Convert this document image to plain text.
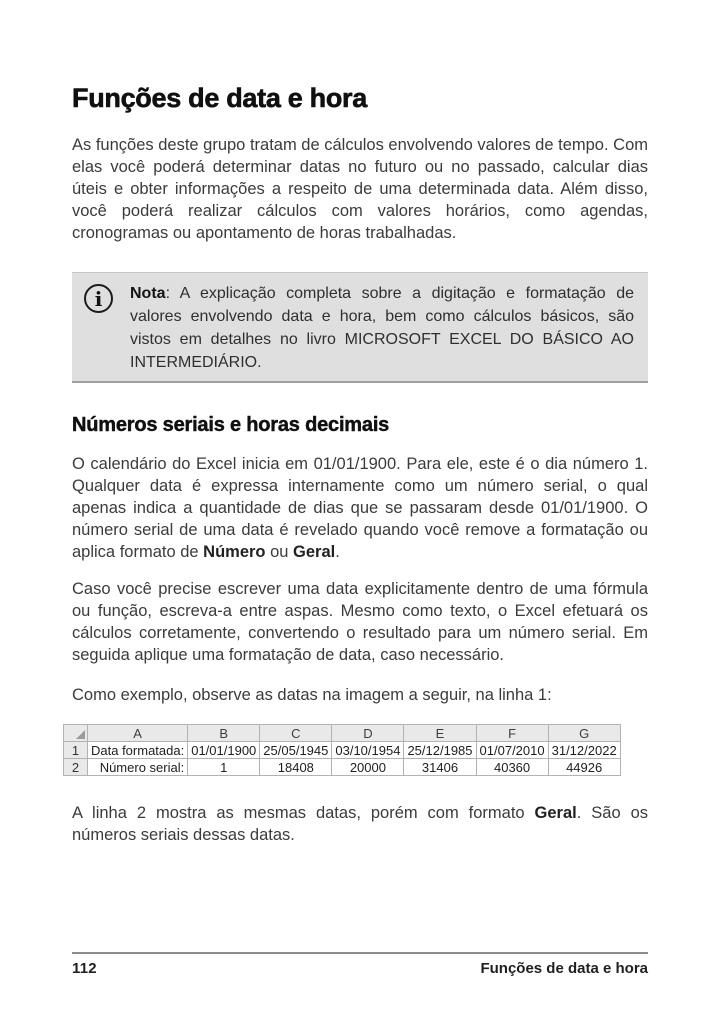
Funções de data e hora

As funções deste grupo tratam de cálculos envolvendo valores de tempo. Com elas você poderá determinar datas no futuro ou no passado, calcular dias úteis e obter informações a respeito de uma determinada data. Além disso, você poderá realizar cálculos com valores horários, como agendas, cronogramas ou apontamento de horas trabalhadas.

i	Nota: A explicação completa sobre a digitação e formatação de valores envolvendo data e hora, bem como cálculos básicos, são vistos em detalhes no livro MICROSOFT EXCEL DO BÁSICO AO INTERMEDIÁRIO.
Números seriais e horas decimais

O calendário do Excel inicia em 01/01/1900. Para ele, este é o dia número 1. Qualquer data é expressa internamente como um número serial, o qual apenas indica a quantidade de dias que se passaram desde 01/01/1900. O número serial de uma data é revelado quando você remove a formatação ou aplica formato de Número ou Geral.

Caso você precise escrever uma data explicitamente dentro de uma fórmula ou função, escreva-a entre aspas. Mesmo como texto, o Excel efetuará os cálculos corretamente, convertendo o resultado para um número serial. Em seguida aplique uma formatação de data, caso necessário.

Como exemplo, observe as datas na imagem a seguir, na linha 1:

	A	B	C	D	E	F	G
1	Data formatada:	01/01/1900	25/05/1945	03/10/1954	25/12/1985	01/07/2010	31/12/2022
2	Número serial:	1	18408	20000	31406	40360	44926

A linha 2 mostra as mesmas datas, porém com formato Geral. São os números seriais dessas datas.

112	Funções de data e hora
